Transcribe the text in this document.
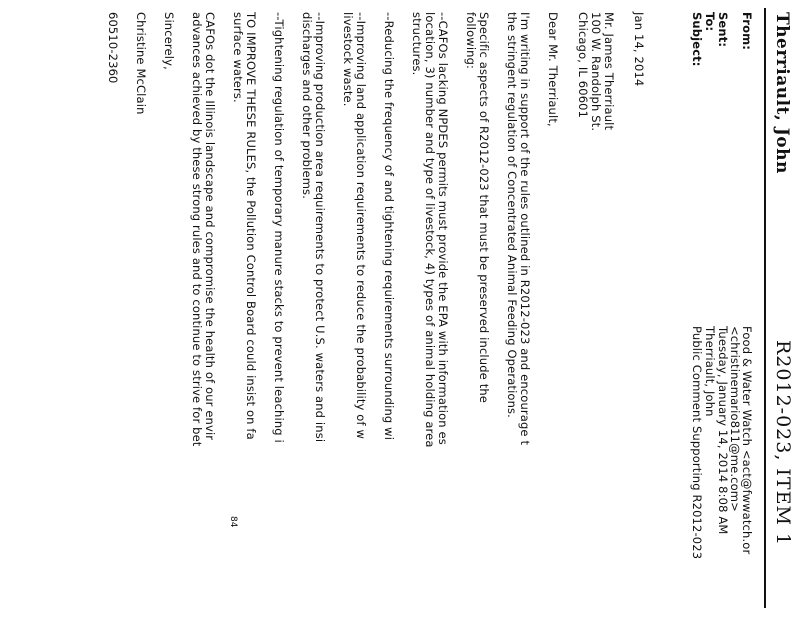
Therriault, John
R2012-023, ITEM 1
From:
Sent:
To:
Subject:
Food & Water Watch <act@fwwatch.or
<christinemario811@me.com>
Tuesday, January 14, 2014 8:08 AM
Therriault, John
Public Comment Supporting R2012-023
Jan 14, 2014
Mr. James Therriault
100 W. Randolph St.
Chicago, IL 60601
Dear Mr. Therriault,
I'm writing in support of the rules outlined in R2012-023 and encourage t
the stringent regulation of Concentrated Animal Feeding Operations.
Specific aspects of R2012-023 that must be preserved include the
following:
--CAFOs lacking NPDES permits must provide the EPA with information es
location, 3) number and type of livestock, 4) types of animal holding area
structures.
--Reducing the frequency of and tightening requirements surrounding wi
--Improving land application requirements to reduce the probability of w
livestock waste.
--Improving production area requirements to protect U.S. waters and insi
discharges and other problems.
--Tightening regulation of temporary manure stacks to prevent leaching i
TO IMPROVE THESE RULES, the Pollution Control Board could insist on fa
surface waters.
CAFOs dot the Illinois landscape and compromise the health of our envir
advances achieved by these strong rules and to continue to strive for bet
Sincerely,
Christine McClain
60510-2360
84
